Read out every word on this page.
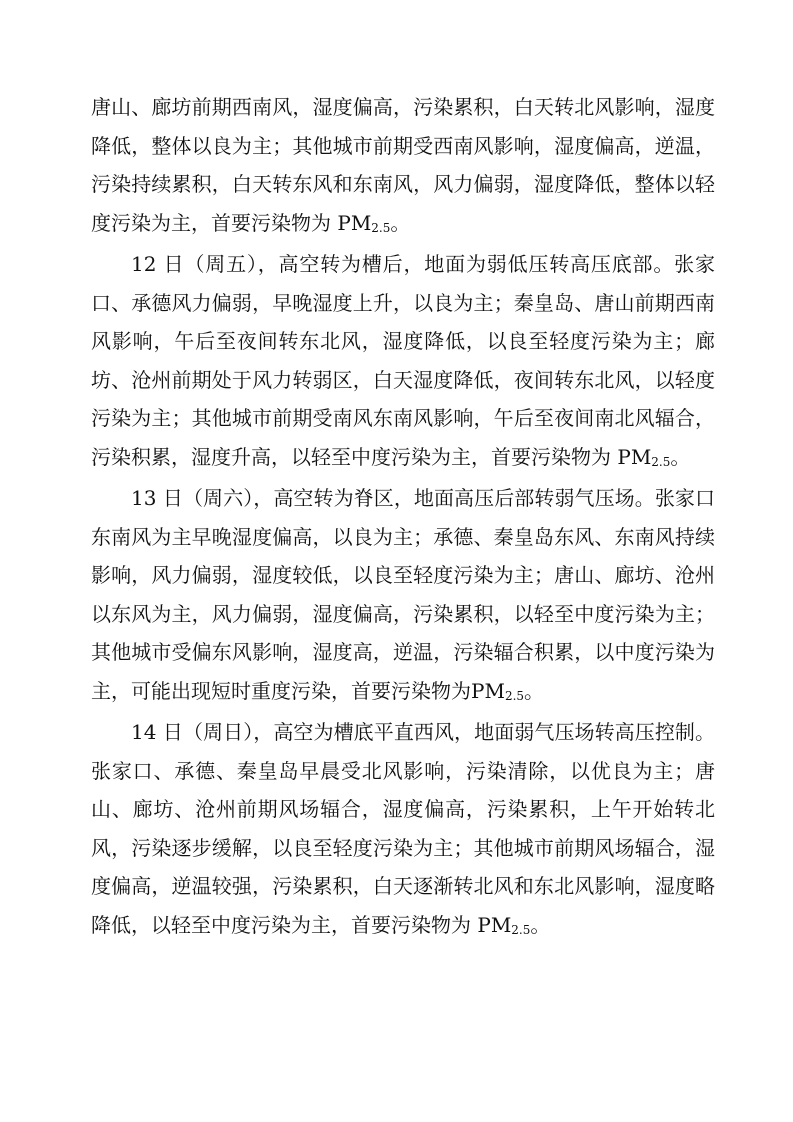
唐山、廊坊前期西南风，湿度偏高，污染累积，白天转北风影响，湿度降低，整体以良为主；其他城市前期受西南风影响，湿度偏高，逆温，污染持续累积，白天转东风和东南风，风力偏弱，湿度降低，整体以轻度污染为主，首要污染物为 PM2.5。

12 日（周五），高空转为槽后，地面为弱低压转高压底部。张家口、承德风力偏弱，早晚湿度上升，以良为主；秦皇岛、唐山前期西南风影响，午后至夜间转东北风，湿度降低，以良至轻度污染为主；廊坊、沧州前期处于风力转弱区，白天湿度降低，夜间转东北风，以轻度污染为主；其他城市前期受南风东南风影响，午后至夜间南北风辐合，污染积累，湿度升高，以轻至中度污染为主，首要污染物为 PM2.5。

13 日（周六），高空转为脊区，地面高压后部转弱气压场。张家口东南风为主早晚湿度偏高，以良为主；承德、秦皇岛东风、东南风持续影响，风力偏弱，湿度较低，以良至轻度污染为主；唐山、廊坊、沧州以东风为主，风力偏弱，湿度偏高，污染累积，以轻至中度污染为主；其他城市受偏东风影响，湿度高，逆温，污染辐合积累，以中度污染为主，可能出现短时重度污染，首要污染物为PM2.5。

14 日（周日），高空为槽底平直西风，地面弱气压场转高压控制。张家口、承德、秦皇岛早晨受北风影响，污染清除，以优良为主；唐山、廊坊、沧州前期风场辐合，湿度偏高，污染累积，上午开始转北风，污染逐步缓解，以良至轻度污染为主；其他城市前期风场辐合，湿度偏高，逆温较强，污染累积，白天逐渐转北风和东北风影响，湿度略降低，以轻至中度污染为主，首要污染物为 PM2.5。
